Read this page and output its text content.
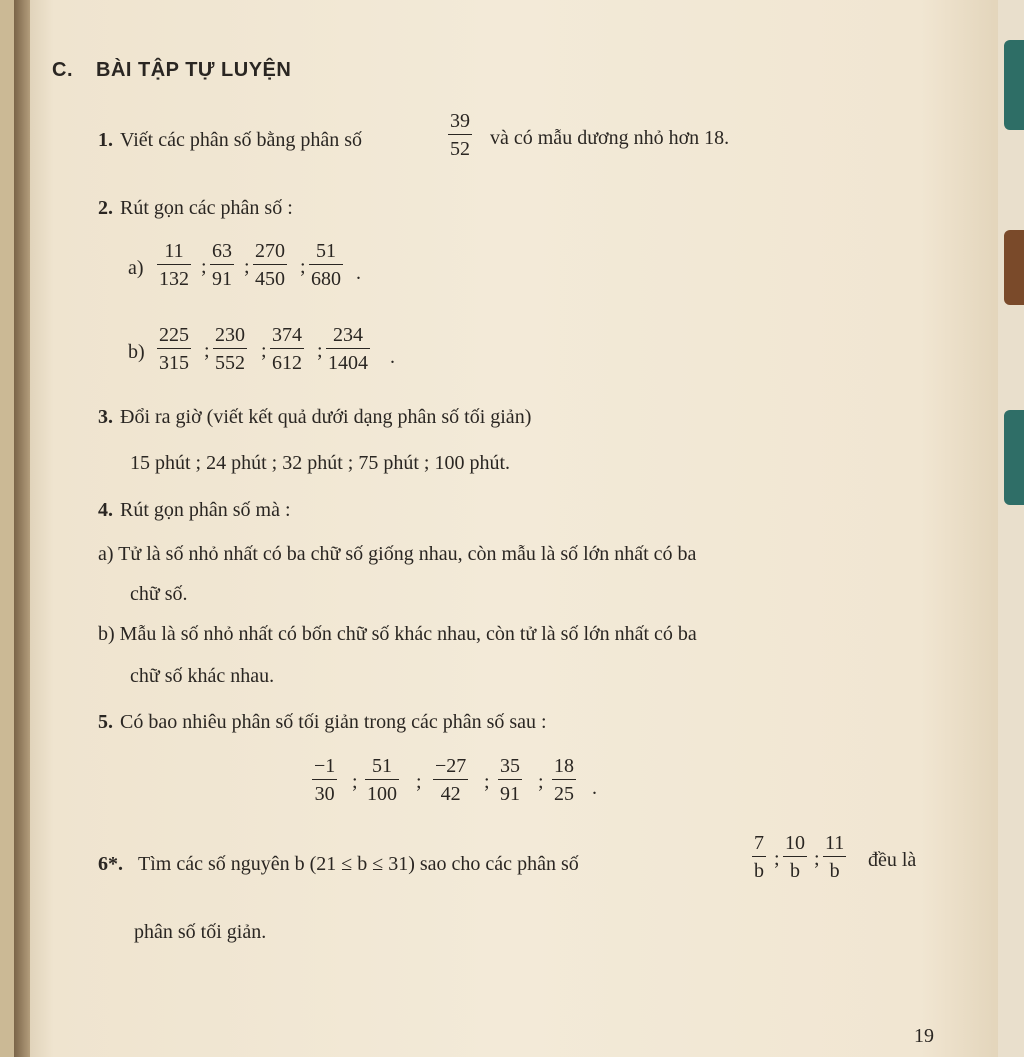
C. BÀI TẬP TỰ LUYỆN
1. Viết các phân số bằng phân số
39
52 và có mẫu dương nhỏ hơn 18.
2. Rút gọn các phân số :
a)
11
132
;
63
91
;
270
450
;
51
680 .
b)
225
315
;
230
552
;
374
612
;
234
1404 .
3. Đổi ra giờ (viết kết quả dưới dạng phân số tối giản)
15 phút ; 24 phút ; 32 phút ; 75 phút ; 100 phút.
4. Rút gọn phân số mà :
a) Tử là số nhỏ nhất có ba chữ số giống nhau, còn mẫu là số lớn nhất có ba
chữ số.
b) Mẫu là số nhỏ nhất có bốn chữ số khác nhau, còn tử là số lớn nhất có ba
chữ số khác nhau.
5. Có bao nhiêu phân số tối giản trong các phân số sau :
−1
30
;
51
100
;
−27
42
;
35
91
;
18
25 .
6*. Tìm các số nguyên b (21 ≤ b ≤ 31) sao cho các phân số
7
b
;
10
b
;
11
b đều là
phân số tối giản.
19
